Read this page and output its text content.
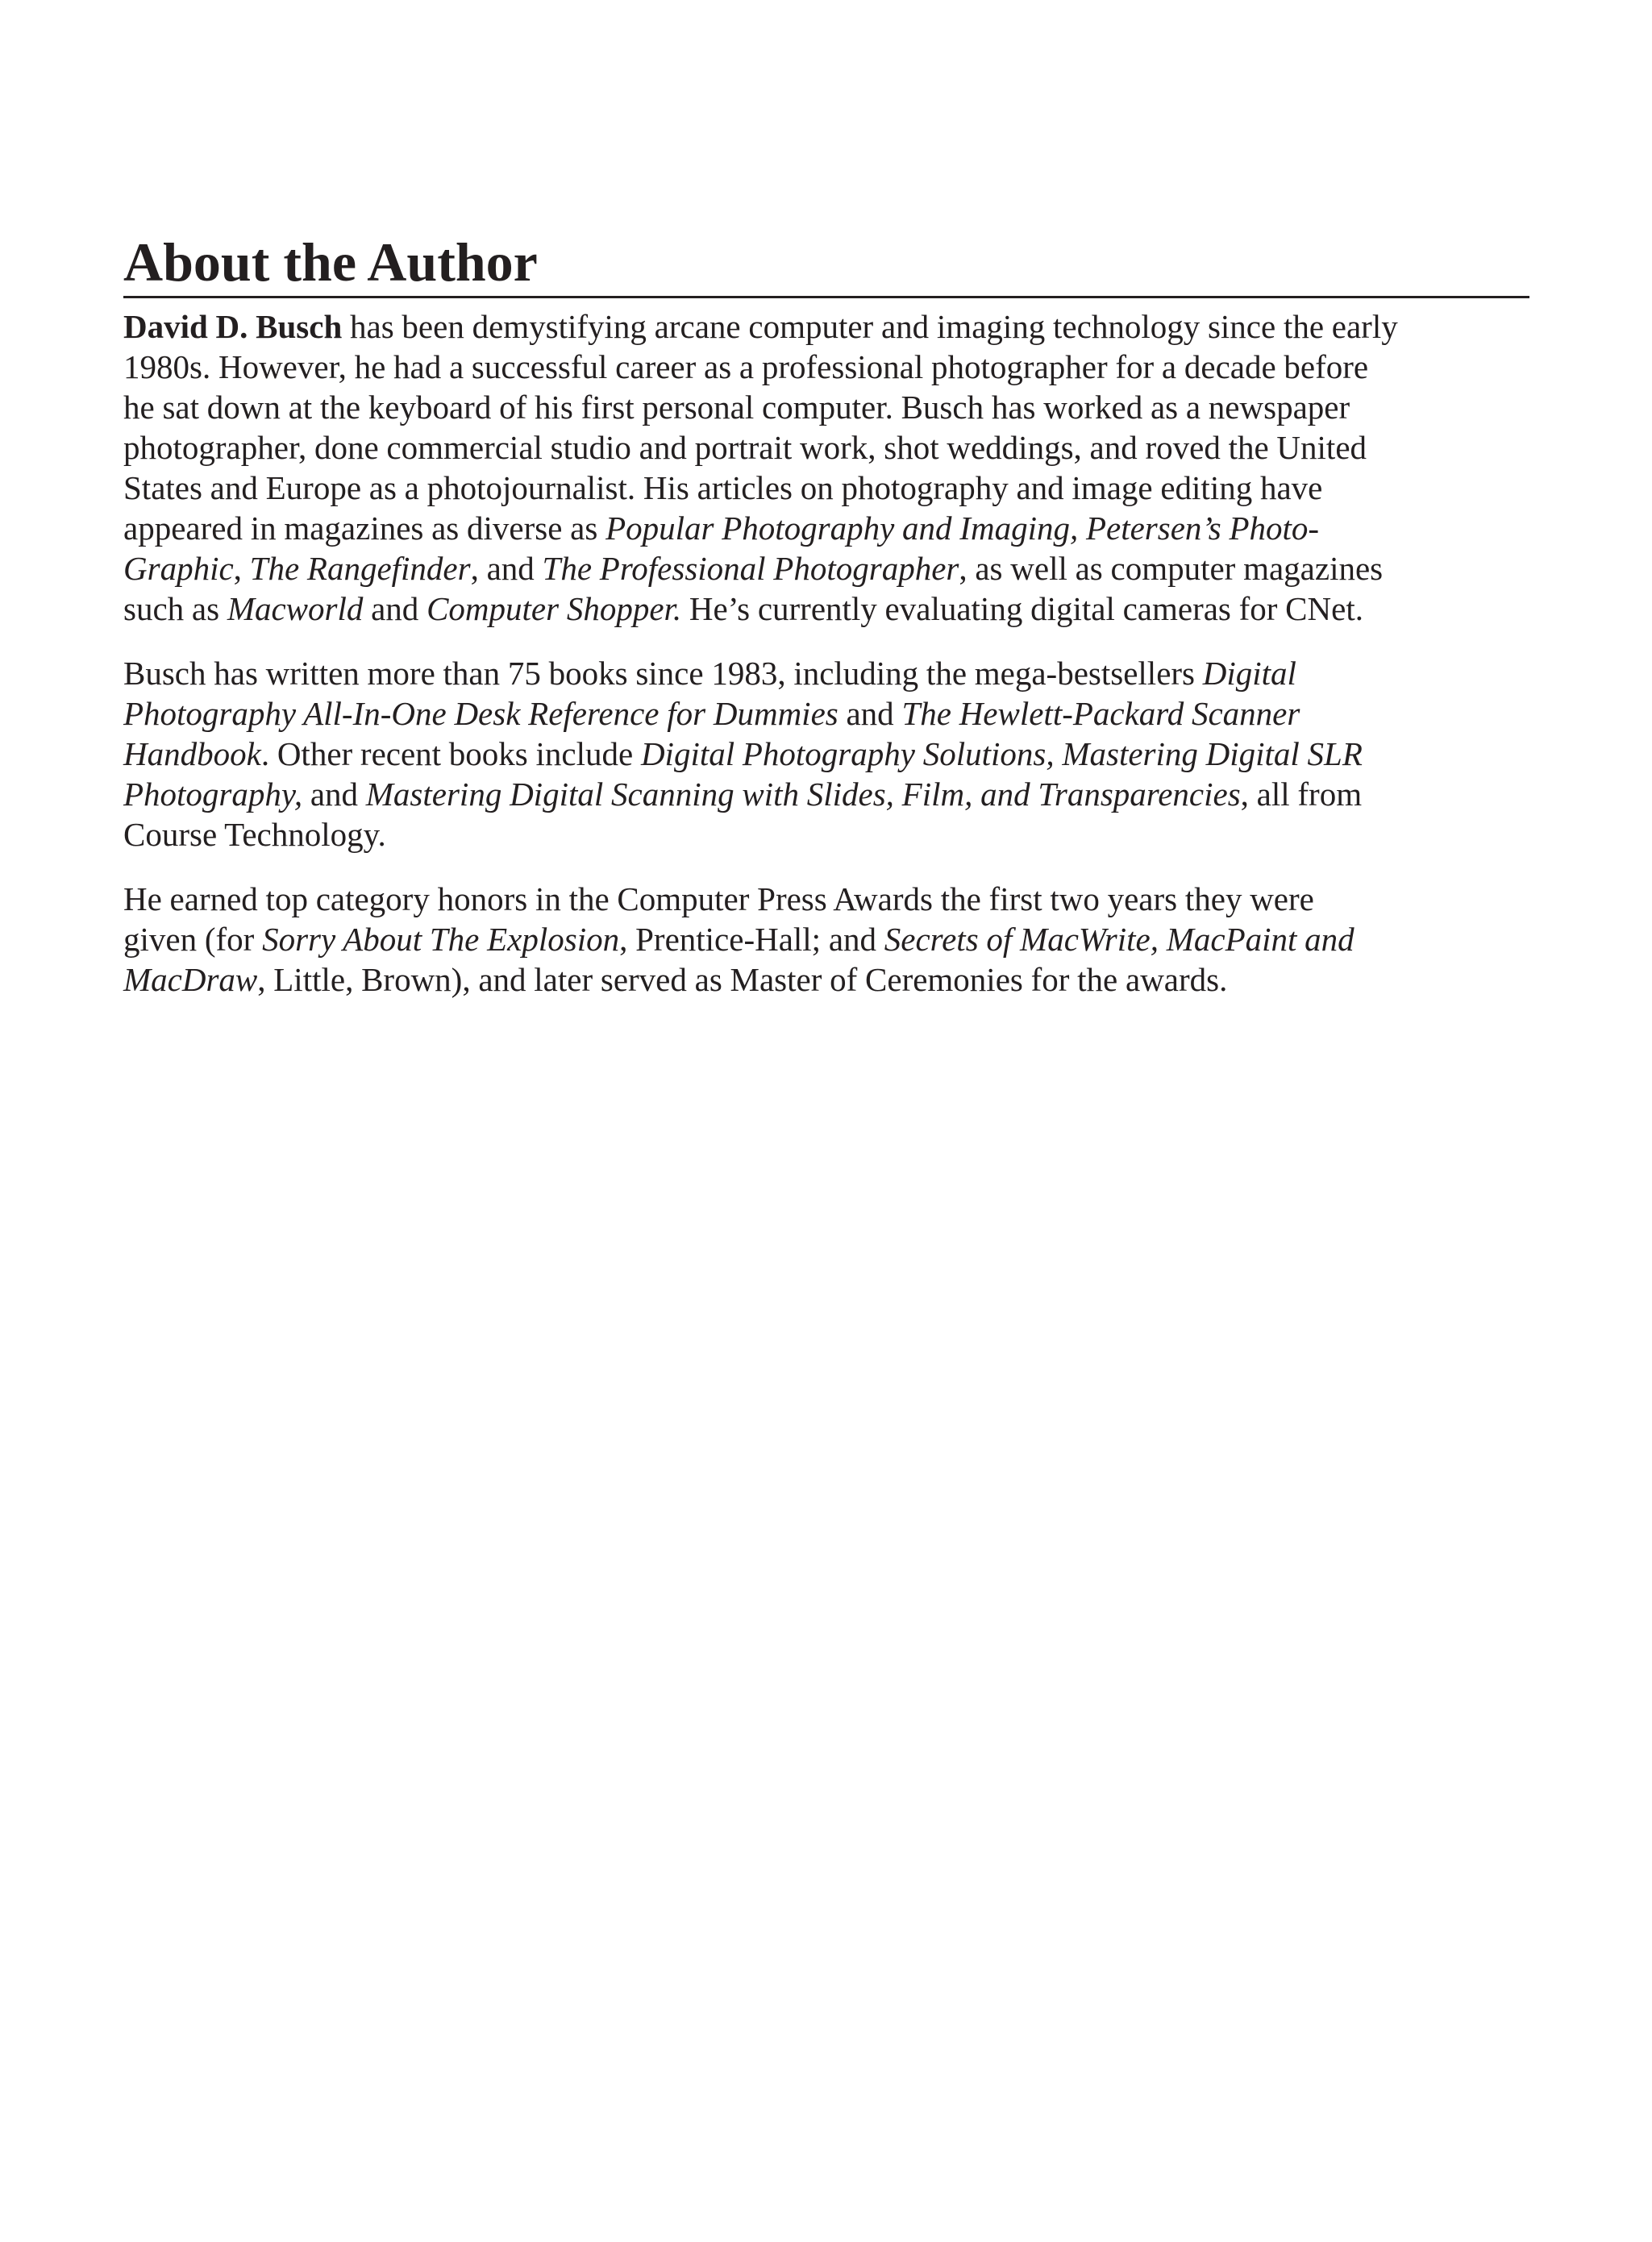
About the Author

David D. Busch has been demystifying arcane computer and imaging technology since the early
1980s. However, he had a successful career as a professional photographer for a decade before
he sat down at the keyboard of his first personal computer. Busch has worked as a newspaper
photographer, done commercial studio and portrait work, shot weddings, and roved the United
States and Europe as a photojournalist. His articles on photography and image editing have
appeared in magazines as diverse as Popular Photography and Imaging, Petersen’s Photo-
Graphic, The Rangefinder, and The Professional Photographer, as well as computer magazines
such as Macworld and Computer Shopper. He’s currently evaluating digital cameras for CNet.

Busch has written more than 75 books since 1983, including the mega-bestsellers Digital
Photography All-In-One Desk Reference for Dummies and The Hewlett-Packard Scanner
Handbook. Other recent books include Digital Photography Solutions, Mastering Digital SLR
Photography, and Mastering Digital Scanning with Slides, Film, and Transparencies, all from
Course Technology.

He earned top category honors in the Computer Press Awards the first two years they were
given (for Sorry About The Explosion, Prentice-Hall; and Secrets of MacWrite, MacPaint and
MacDraw, Little, Brown), and later served as Master of Ceremonies for the awards.
